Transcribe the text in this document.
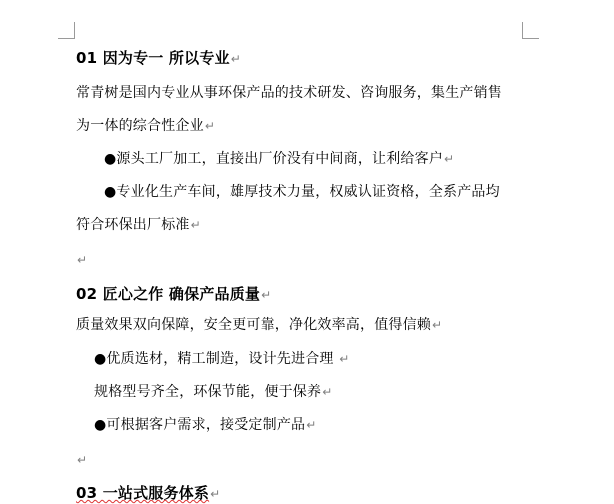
01 因为专一 所以专业↵
常青树是国内专业从事环保产品的技术研发、咨询服务，集生产销售
为一体的综合性企业↵
●源头工厂加工，直接出厂价没有中间商，让利给客户↵
●专业化生产车间，雄厚技术力量，权威认证资格，全系产品均
符合环保出厂标准↵
↵
02 匠心之作 确保产品质量↵
质量效果双向保障，安全更可靠，净化效率高，值得信赖↵
●优质选材，精工制造，设计先进合理 ↵
规格型号齐全，环保节能，便于保养↵
●可根据客户需求，接受定制产品↵
↵
03 一站式服务体系↵
